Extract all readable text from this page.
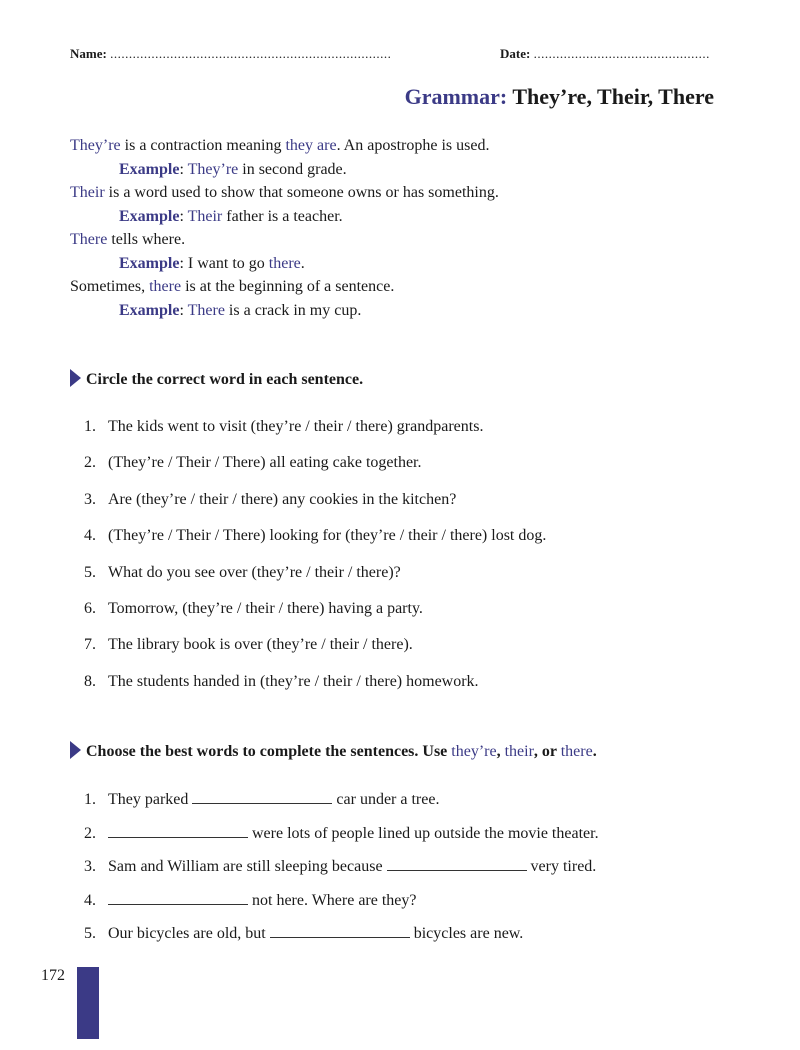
Name: ...........................................................................	Date: ...............................................
Grammar: They’re, Their, There
They’re is a contraction meaning they are. An apostrophe is used.
Example: They’re in second grade.
Their is a word used to show that someone owns or has something.
Example: Their father is a teacher.
There tells where.
Example: I want to go there.
Sometimes, there is at the beginning of a sentence.
Example: There is a crack in my cup.
Circle the correct word in each sentence.
1. The kids went to visit (they’re / their / there) grandparents.
2. (They’re / Their / There) all eating cake together.
3. Are (they’re / their / there) any cookies in the kitchen?
4. (They’re / Their / There) looking for (they’re / their / there) lost dog.
5. What do you see over (they’re / their / there)?
6. Tomorrow, (they’re / their / there) having a party.
7. The library book is over (they’re / their / there).
8. The students handed in (they’re / their / there) homework.
Choose the best words to complete the sentences. Use they’re, their, or there.
1. They parked	car under a tree.
2.	were lots of people lined up outside the movie theater.
3. Sam and William are still sleeping because	very tired.
4.	not here. Where are they?
5. Our bicycles are old, but	bicycles are new.
172
